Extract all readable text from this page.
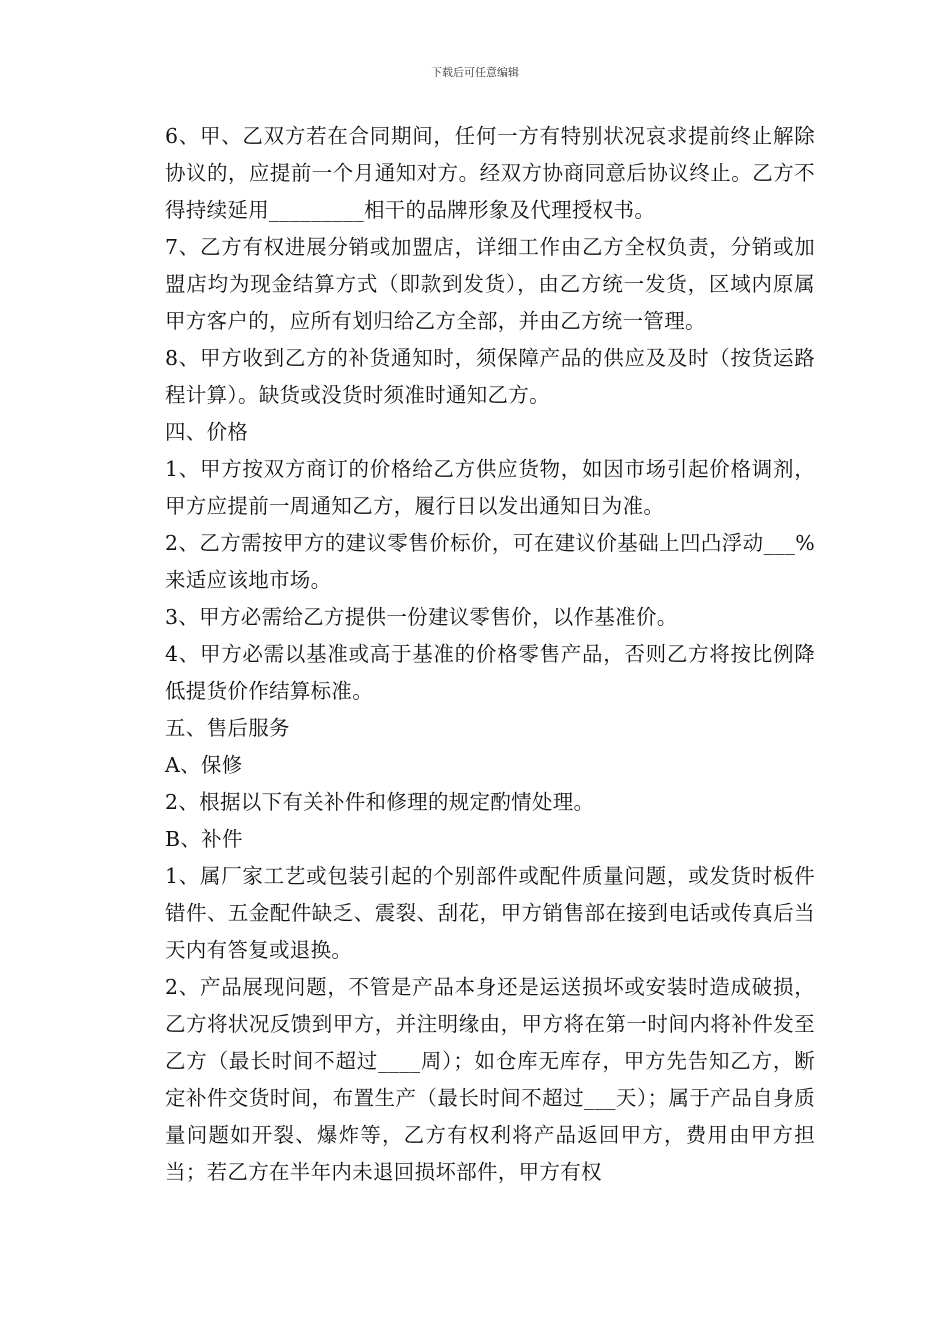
下载后可任意编辑

6、甲、乙双方若在合同期间，任何一方有特别状况哀求提前终止解除协议的，应提前一个月通知对方。经双方协商同意后协议终止。乙方不得持续延用_________相干的品牌形象及代理授权书。

7、乙方有权进展分销或加盟店，详细工作由乙方全权负责，分销或加盟店均为现金结算方式（即款到发货），由乙方统一发货，区域内原属甲方客户的，应所有划归给乙方全部，并由乙方统一管理。

8、甲方收到乙方的补货通知时，须保障产品的供应及及时（按货运路程计算）。缺货或没货时须准时通知乙方。

四、价格

1、甲方按双方商订的价格给乙方供应货物，如因市场引起价格调剂，甲方应提前一周通知乙方，履行日以发出通知日为准。

2、乙方需按甲方的建议零售价标价，可在建议价基础上凹凸浮动___%来适应该地市场。

3、甲方必需给乙方提供一份建议零售价，以作基准价。

4、甲方必需以基准或高于基准的价格零售产品，否则乙方将按比例降低提货价作结算标准。

五、售后服务

A、保修

2、根据以下有关补件和修理的规定酌情处理。

B、补件

1、属厂家工艺或包装引起的个别部件或配件质量问题，或发货时板件错件、五金配件缺乏、震裂、刮花，甲方销售部在接到电话或传真后当天内有答复或退换。

2、产品展现问题，不管是产品本身还是运送损坏或安装时造成破损，乙方将状况反馈到甲方，并注明缘由，甲方将在第一时间内将补件发至乙方（最长时间不超过____周）；如仓库无库存，甲方先告知乙方，断定补件交货时间，布置生产（最长时间不超过___天）；属于产品自身质量问题如开裂、爆炸等，乙方有权利将产品返回甲方，费用由甲方担当；若乙方在半年内未退回损坏部件，甲方有权
